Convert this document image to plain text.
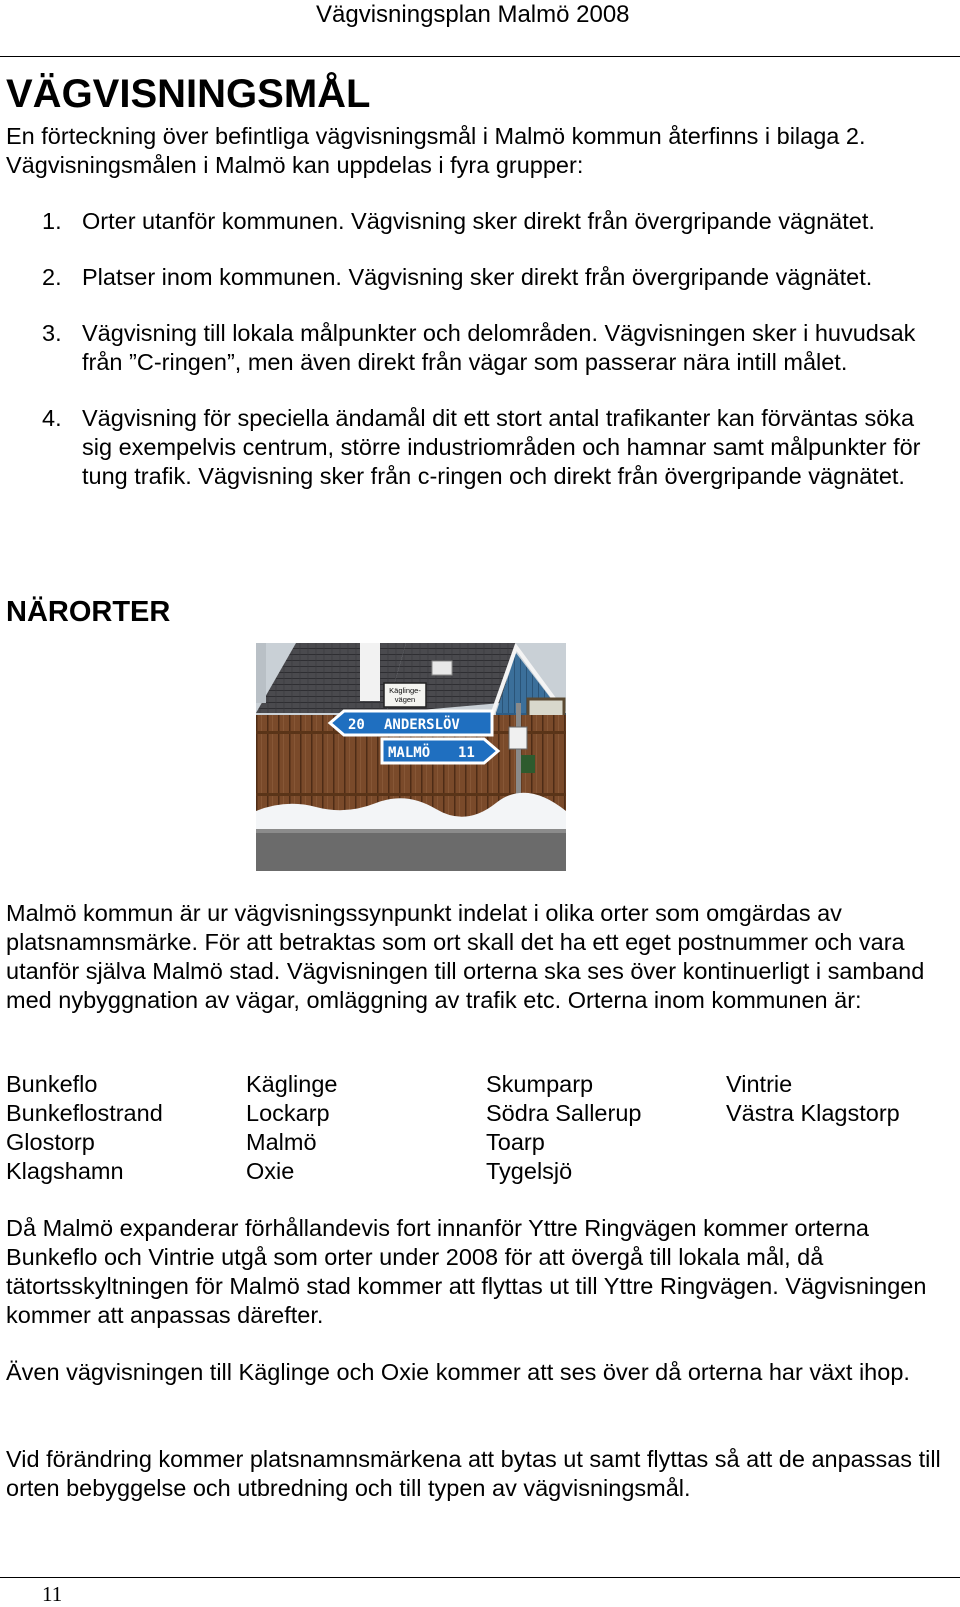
Vägvisningsplan Malmö 2008
VÄGVISNINGSMÅL

En förteckning över befintliga vägvisningsmål i Malmö kommun återfinns i bilaga 2. Vägvisningsmålen i Malmö kan uppdelas i fyra grupper:

1. Orter utanför kommunen. Vägvisning sker direkt från övergripande vägnätet.
2. Platser inom kommunen. Vägvisning sker direkt från övergripande vägnätet.
3. Vägvisning till lokala målpunkter och delområden. Vägvisningen sker i huvudsak från ”C-ringen”, men även direkt från vägar som passerar nära intill målet.
4. Vägvisning för speciella ändamål dit ett stort antal trafikanter kan förväntas söka sig exempelvis centrum, större industriområden och hamnar samt målpunkter för tung trafik. Vägvisning sker från c-ringen och direkt från övergripande vägnätet.
NÄRORTER
Käglinge-
vägen
20 ANDERSLÖV
MALMÖ 11

Malmö kommun är ur vägvisningssynpunkt indelat i olika orter som omgärdas av platsnamnsmärke. För att betraktas som ort skall det ha ett eget postnummer och vara utanför själva Malmö stad. Vägvisningen till orterna ska ses över kontinuerligt i samband med nybyggnation av vägar, omläggning av trafik etc. Orterna inom kommunen är:

Bunkeflo	Käglinge	Skumparp	Vintrie
Bunkeflostrand	Lockarp	Södra Sallerup	Västra Klagstorp
Glostorp	Malmö	Toarp
Klagshamn	Oxie	Tygelsjö

Då Malmö expanderar förhållandevis fort innanför Yttre Ringvägen kommer orterna Bunkeflo och Vintrie utgå som orter under 2008 för att övergå till lokala mål, då tätortsskyltningen för Malmö stad kommer att flyttas ut till Yttre Ringvägen. Vägvisningen kommer att anpassas därefter.

Även vägvisningen till Käglinge och Oxie kommer att ses över då orterna har växt ihop.

Vid förändring kommer platsnamnsmärkena att bytas ut samt flyttas så att de anpassas till orten bebyggelse och utbredning och till typen av vägvisningsmål.

11
